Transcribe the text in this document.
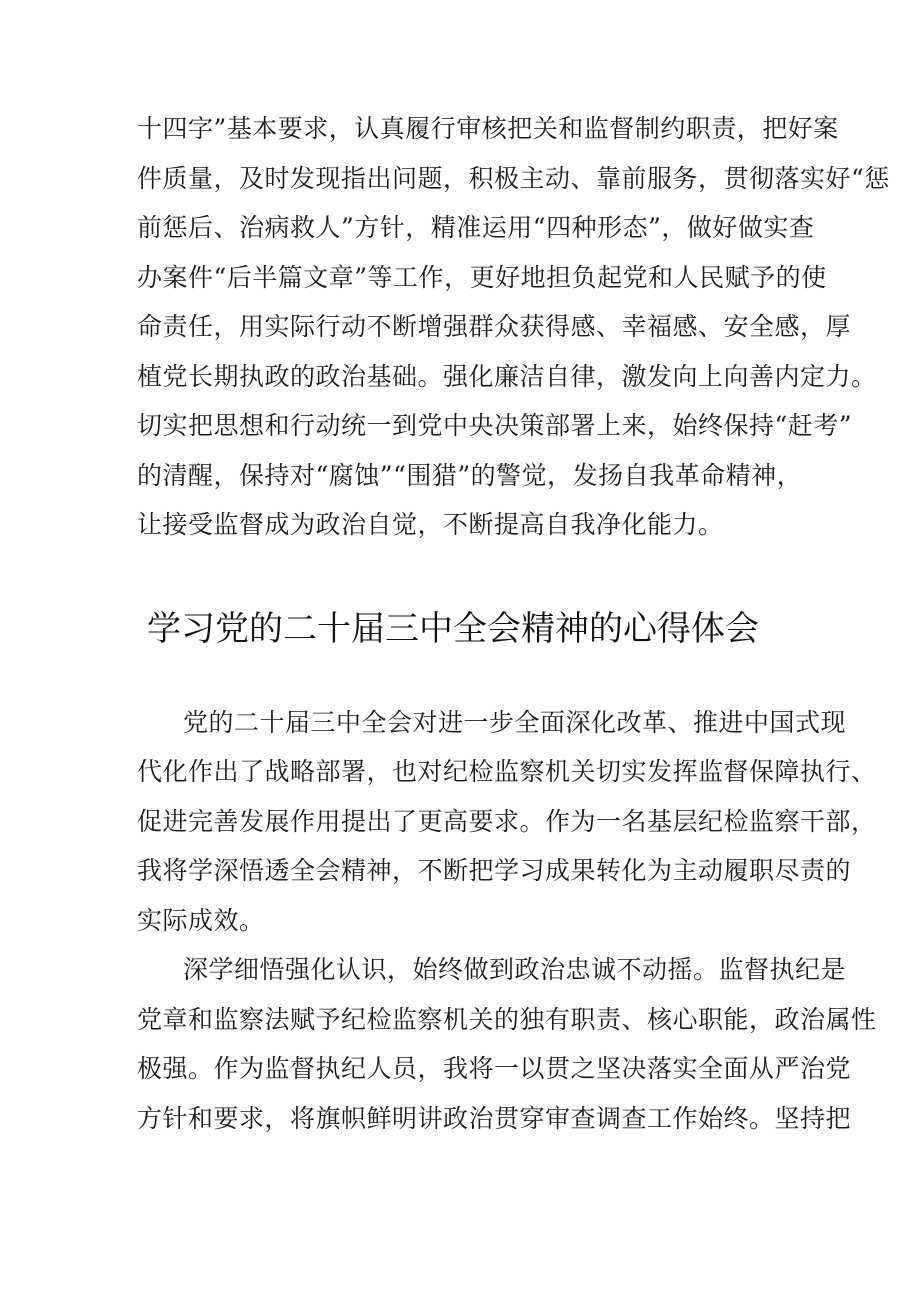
十四字”基本要求，认真履行审核把关和监督制约职责，把好案
件质量，及时发现指出问题，积极主动、靠前服务，贯彻落实好“惩
前惩后、治病救人”方针，精准运用“四种形态”，做好做实查
办案件“后半篇文章”等工作，更好地担负起党和人民赋予的使
命责任，用实际行动不断增强群众获得感、幸福感、安全感，厚
植党长期执政的政治基础。强化廉洁自律，激发向上向善内定力。
切实把思想和行动统一到党中央决策部署上来，始终保持“赶考”
的清醒，保持对“腐蚀”“围猎”的警觉，发扬自我革命精神，
让接受监督成为政治自觉，不断提高自我净化能力。
学习党的二十届三中全会精神的心得体会
党的二十届三中全会对进一步全面深化改革、推进中国式现
代化作出了战略部署，也对纪检监察机关切实发挥监督保障执行、
促进完善发展作用提出了更高要求。作为一名基层纪检监察干部，
我将学深悟透全会精神，不断把学习成果转化为主动履职尽责的
实际成效。
深学细悟强化认识，始终做到政治忠诚不动摇。监督执纪是
党章和监察法赋予纪检监察机关的独有职责、核心职能，政治属性
极强。作为监督执纪人员，我将一以贯之坚决落实全面从严治党
方针和要求，将旗帜鲜明讲政治贯穿审查调查工作始终。坚持把
